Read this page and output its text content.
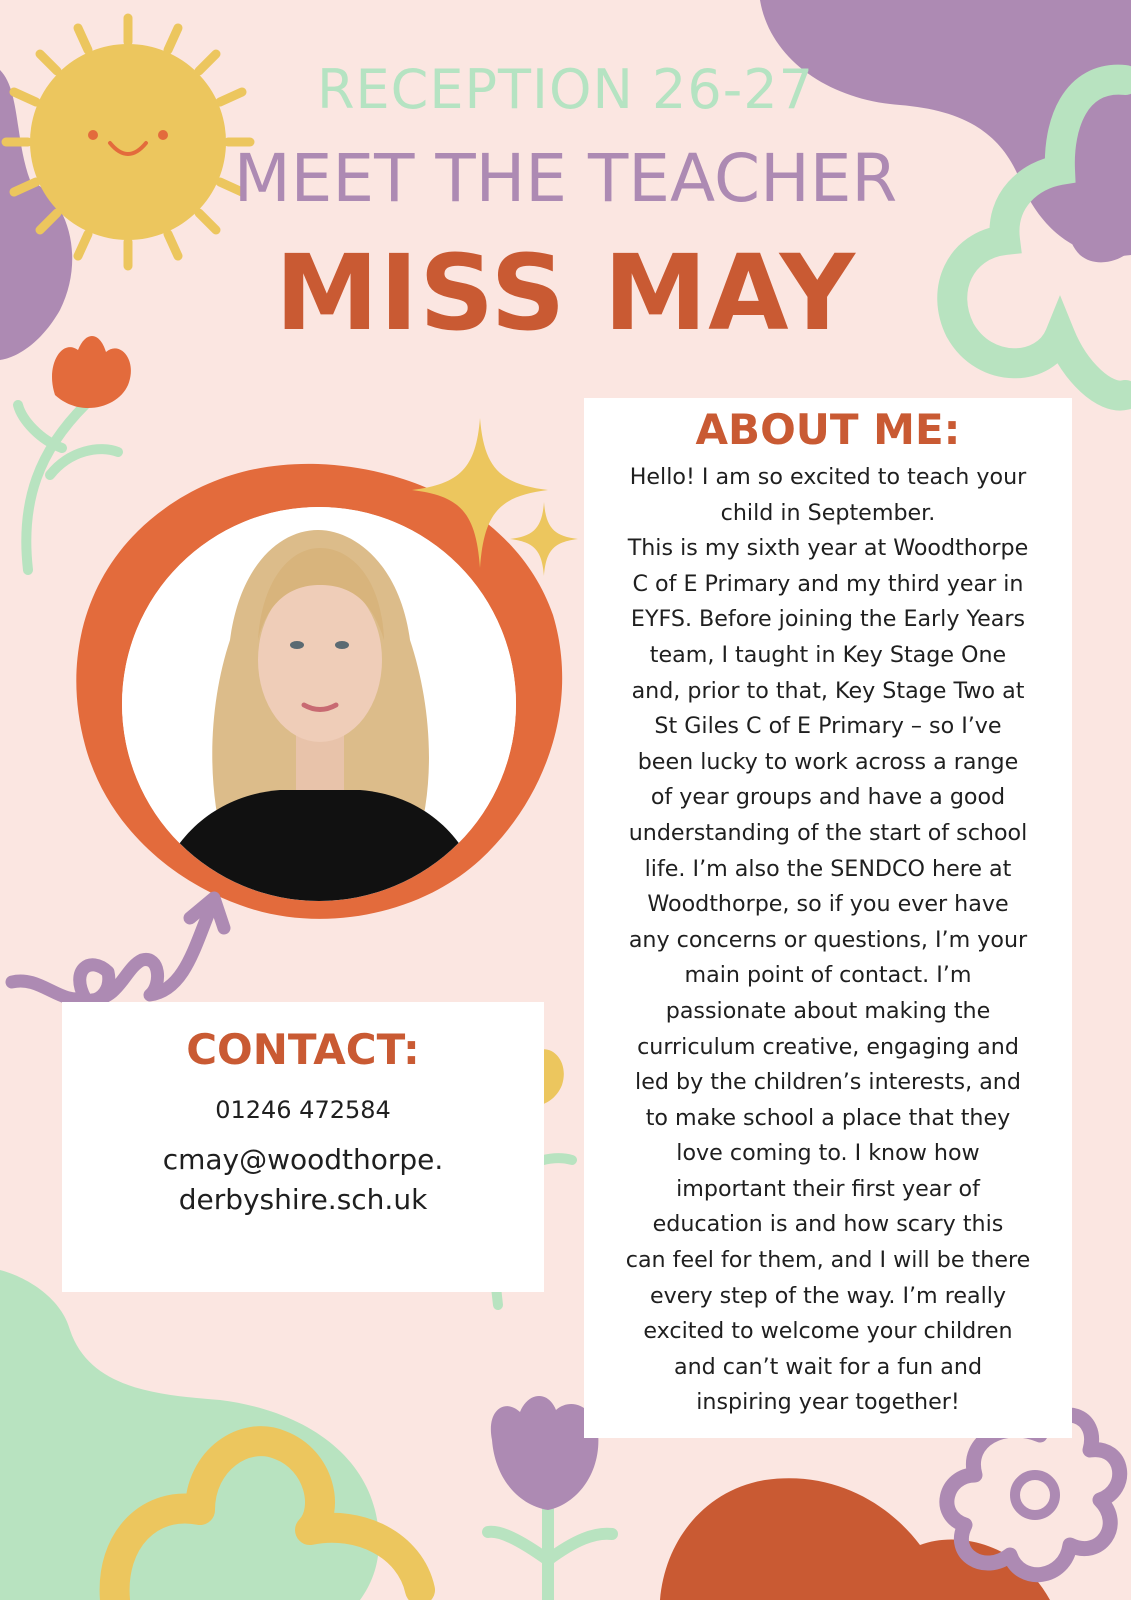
RECEPTION 26-27
MEET THE TEACHER
MISS MAY
ABOUT ME:

Hello! I am so excited to teach your
child in September.
This is my sixth year at Woodthorpe
C of E Primary and my third year in
EYFS. Before joining the Early Years
team, I taught in Key Stage One
and, prior to that, Key Stage Two at
St Giles C of E Primary – so I’ve
been lucky to work across a range
of year groups and have a good
understanding of the start of school
life. I’m also the SENDCO here at
Woodthorpe, so if you ever have
any concerns or questions, I’m your
main point of contact. I’m
passionate about making the
curriculum creative, engaging and
led by the children’s interests, and
to make school a place that they
love coming to. I know how
important their first year of
education is and how scary this
can feel for them, and I will be there
every step of the way. I’m really
excited to welcome your children
and can’t wait for a fun and
inspiring year together!

CONTACT:
01246 472584
cmay@woodthorpe.
derbyshire.sch.uk
